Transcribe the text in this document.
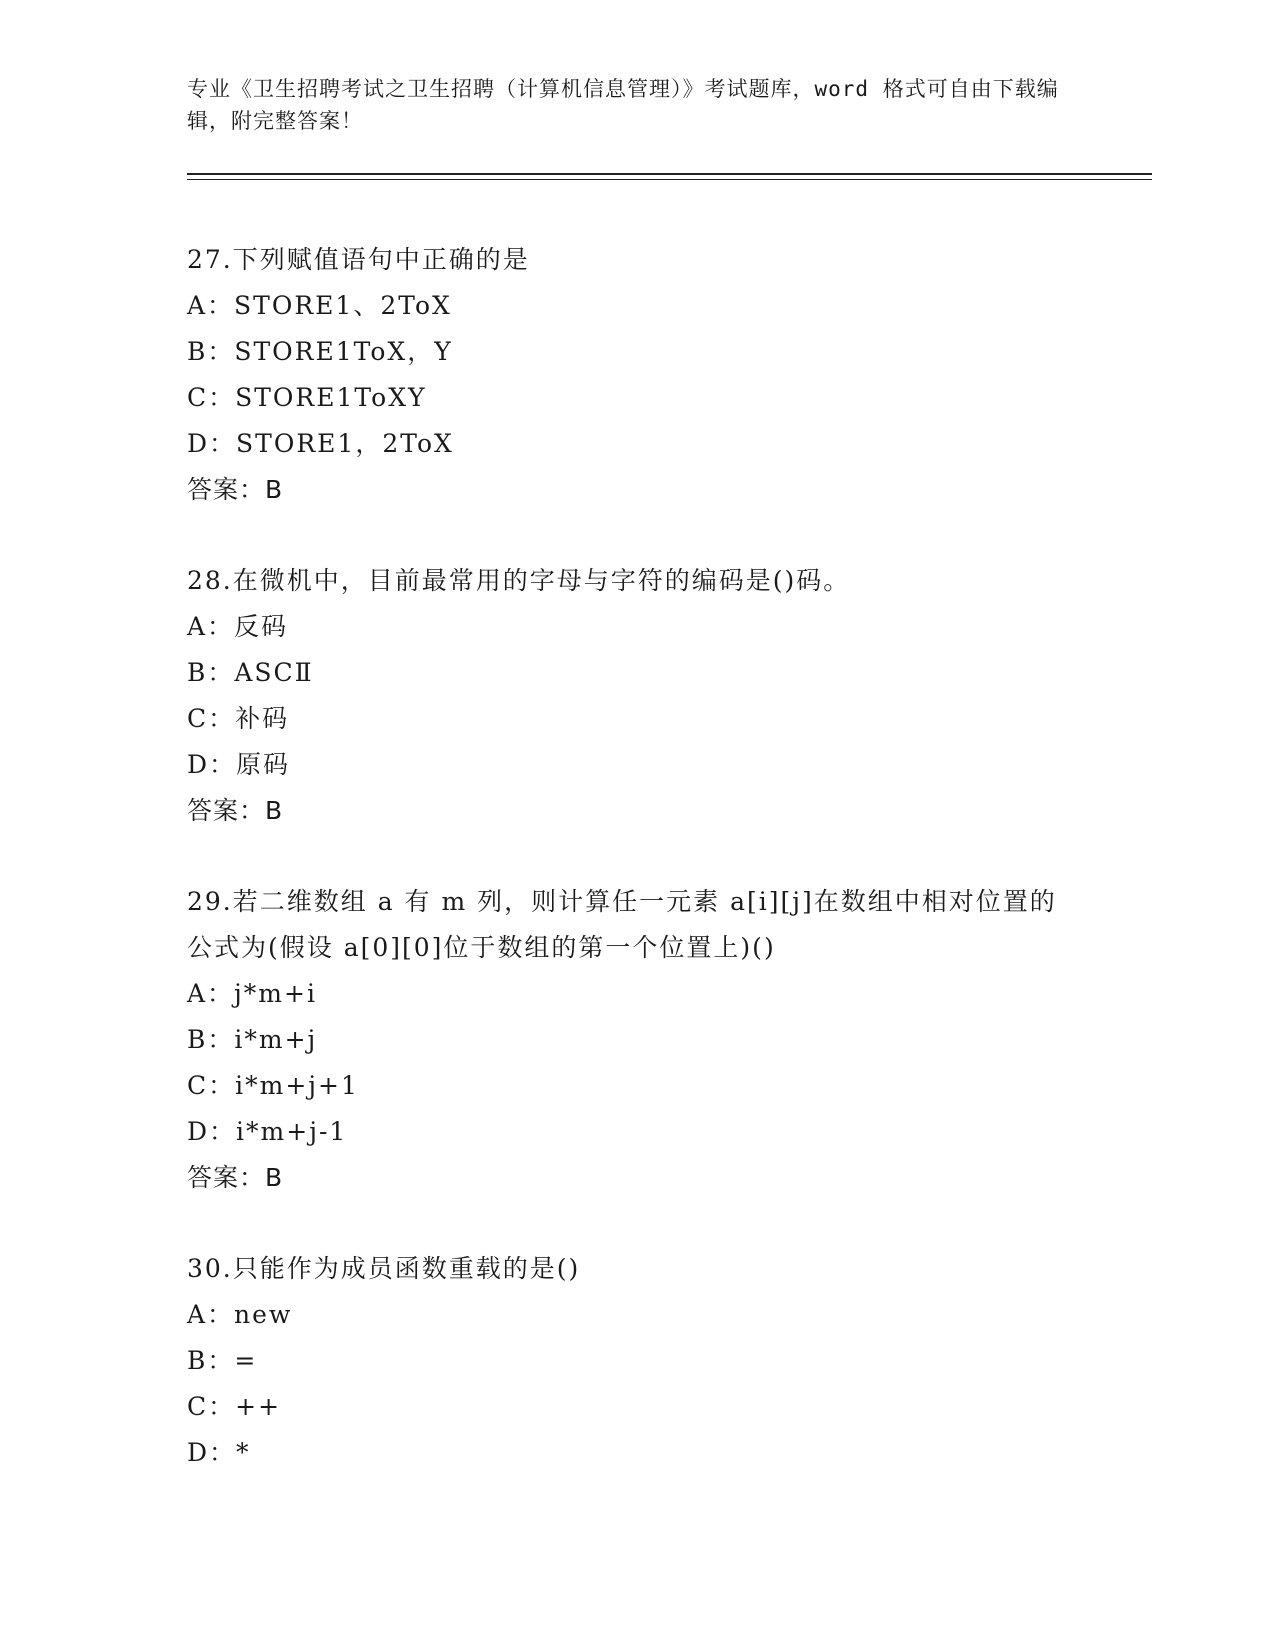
专业《卫生招聘考试之卫生招聘（计算机信息管理）》考试题库，word 格式可自由下载编辑，附完整答案！

27.下列赋值语句中正确的是

A：STORE1、2ToX

B：STORE1ToX，Y

C：STORE1ToXY

D：STORE1，2ToX

答案：B

28.在微机中，目前最常用的字母与字符的编码是()码。

A：反码

B：ASCⅡ

C：补码

D：原码

答案：B

29.若二维数组 a 有 m 列，则计算任一元素 a[i][j]在数组中相对位置的公式为(假设 a[0][0]位于数组的第一个位置上)()

A：j*m+i

B：i*m+j

C：i*m+j+1

D：i*m+j-1

答案：B

30.只能作为成员函数重载的是()

A：new

B：=

C：++

D：*
